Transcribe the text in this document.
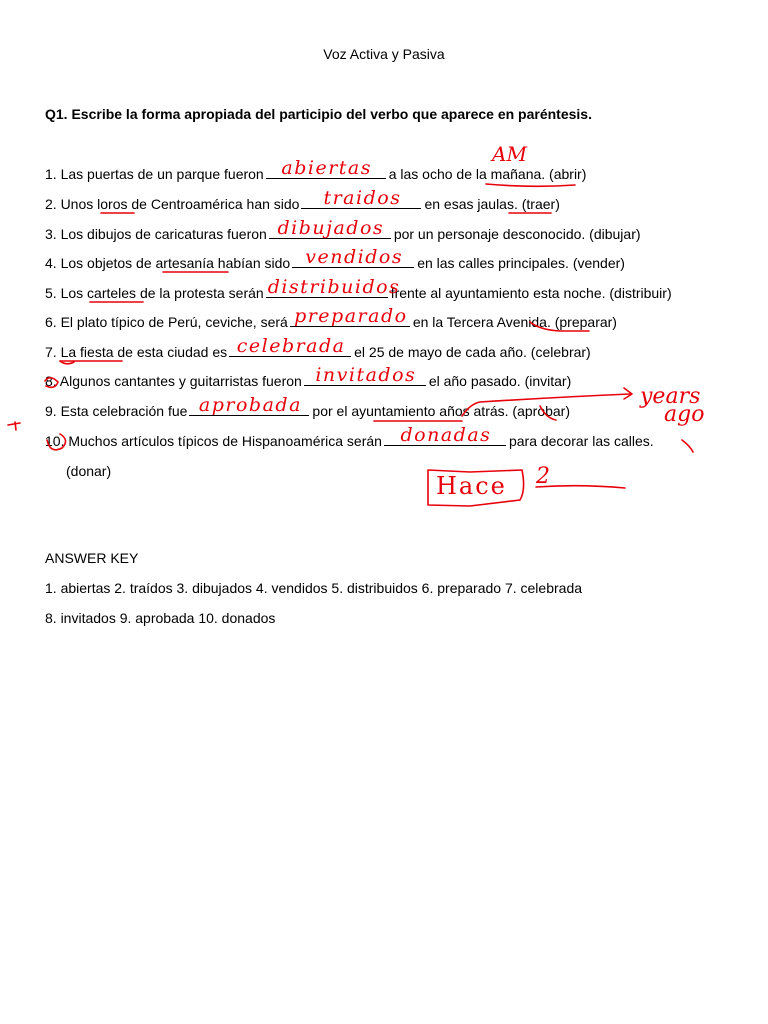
Voz Activa y Pasiva
Q1. Escribe la forma apropiada del participio del verbo que aparece en paréntesis.
1. Las puertas de un parque fueron abiertas	a las ocho de la mañana. (abrir)
2. Unos loros de Centroamérica han sido	traidos	en esas jaulas. (traer)
3. Los dibujos de caricaturas fueron dibujados por un personaje desconocido. (dibujar)
4. Los objetos de artesanía habían sido vendidos	en las calles principales. (vender)
5. Los carteles de la protesta serán distribuidos
frente al ayuntamiento esta noche. (distribuir)
6. El plato típico de Perú, ceviche, será preparado en la Tercera Avenida. (preparar)
7. La fiesta de esta ciudad es celebrada el 25 de mayo de cada año. (celebrar)
8. Algunos cantantes y guitarristas fueron invitados el año pasado. (invitar)
9. Esta celebración fue aprobada por el ayuntamiento años atrás. (aprobar)
10. Muchos artículos típicos de Hispanoamérica serán donadas	para decorar las calles.
(donar)
AM
years
ago
Hace 2
ANSWER KEY
1. abiertas 2. traídos 3. dibujados 4. vendidos 5. distribuidos 6. preparado 7. celebrada
8. invitados 9. aprobada 10. donados
